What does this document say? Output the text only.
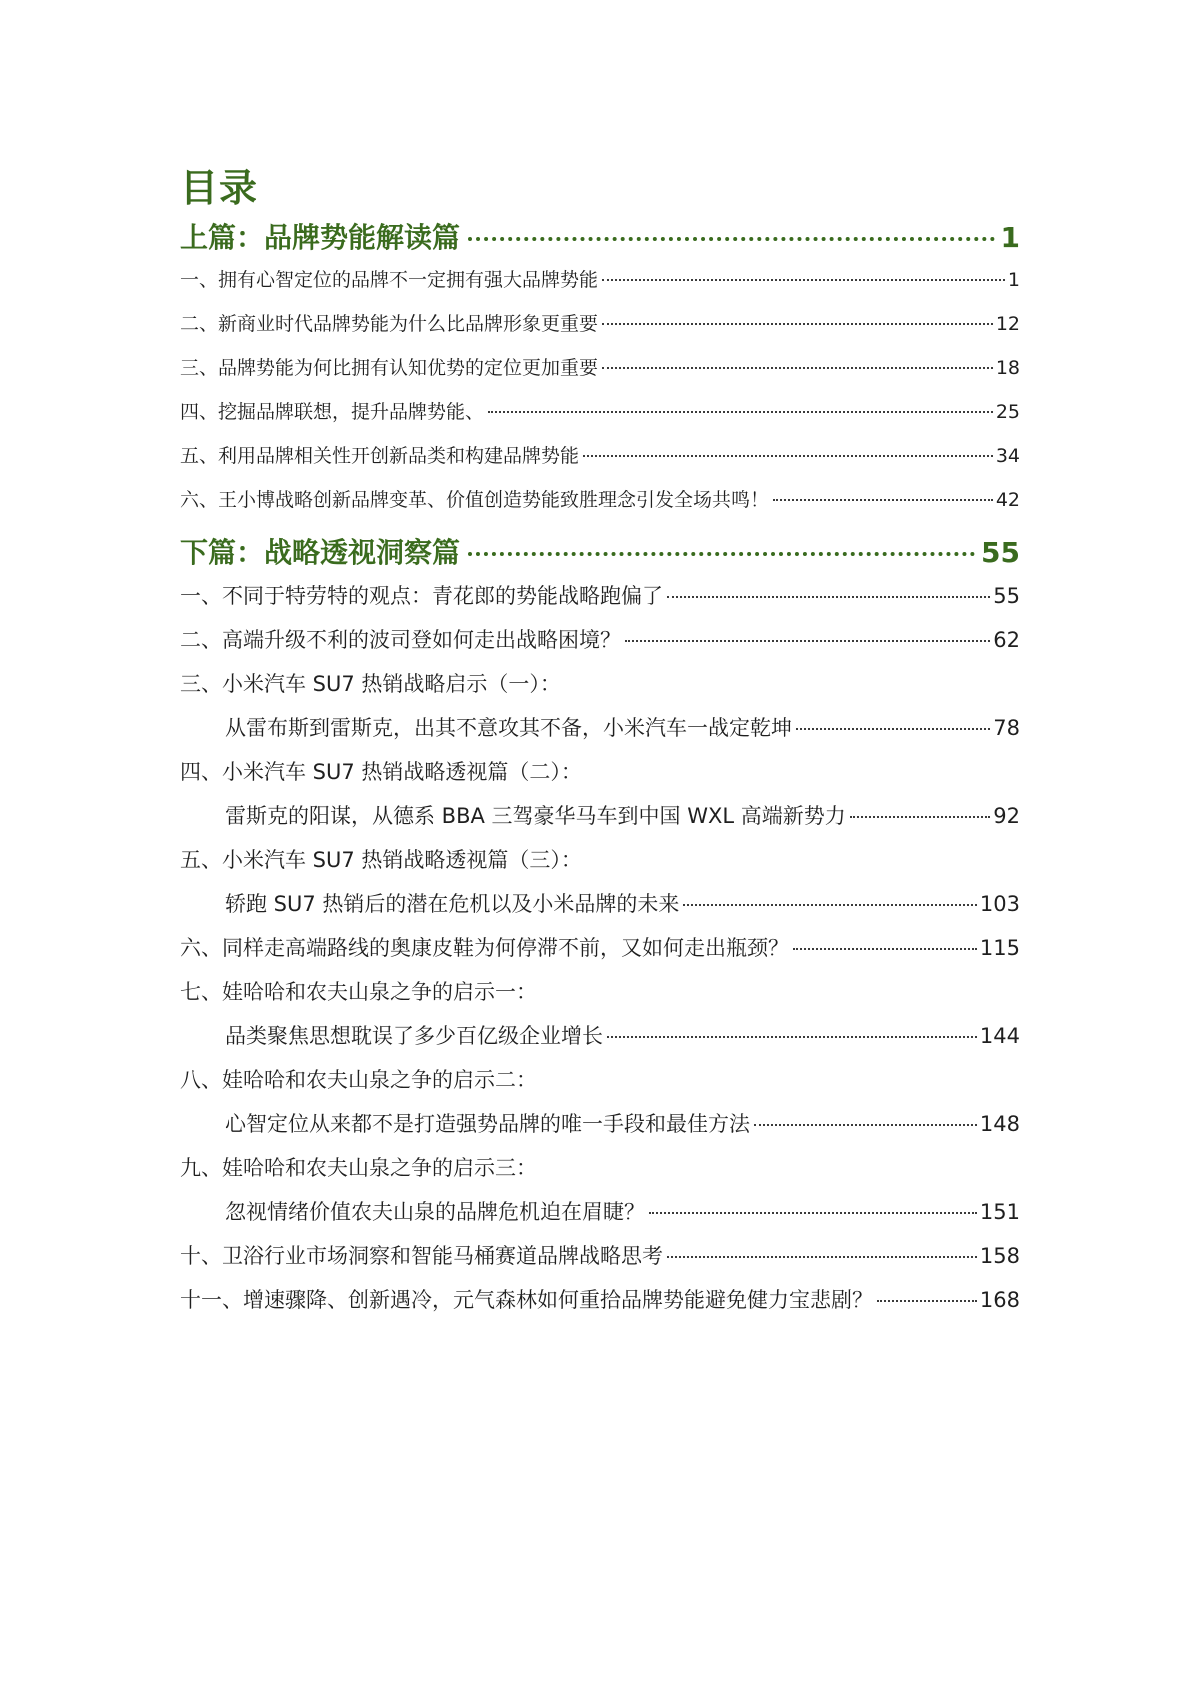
目录
上篇：品牌势能解读篇	1
一、拥有心智定位的品牌不一定拥有强大品牌势能	1
二、新商业时代品牌势能为什么比品牌形象更重要	12
三、品牌势能为何比拥有认知优势的定位更加重要	18
四、挖掘品牌联想，提升品牌势能、	25
五、利用品牌相关性开创新品类和构建品牌势能	34
六、王小博战略创新品牌变革、价值创造势能致胜理念引发全场共鸣！	42
下篇：战略透视洞察篇	55
一、不同于特劳特的观点：青花郎的势能战略跑偏了	55
二、高端升级不利的波司登如何走出战略困境？	62
三、小米汽车 SU7 热销战略启示（一）：
从雷布斯到雷斯克，出其不意攻其不备，小米汽车一战定乾坤	78
四、小米汽车 SU7 热销战略透视篇（二）：
雷斯克的阳谋，从德系 BBA 三驾豪华马车到中国 WXL 高端新势力	92
五、小米汽车 SU7 热销战略透视篇（三）：
轿跑 SU7 热销后的潜在危机以及小米品牌的未来	103
六、同样走高端路线的奥康皮鞋为何停滞不前，又如何走出瓶颈？	115
七、娃哈哈和农夫山泉之争的启示一：
品类聚焦思想耽误了多少百亿级企业增长	144
八、娃哈哈和农夫山泉之争的启示二：
心智定位从来都不是打造强势品牌的唯一手段和最佳方法	148
九、娃哈哈和农夫山泉之争的启示三：
忽视情绪价值农夫山泉的品牌危机迫在眉睫？	151
十、卫浴行业市场洞察和智能马桶赛道品牌战略思考	158
十一、增速骤降、创新遇冷，元气森林如何重拾品牌势能避免健力宝悲剧？	168
